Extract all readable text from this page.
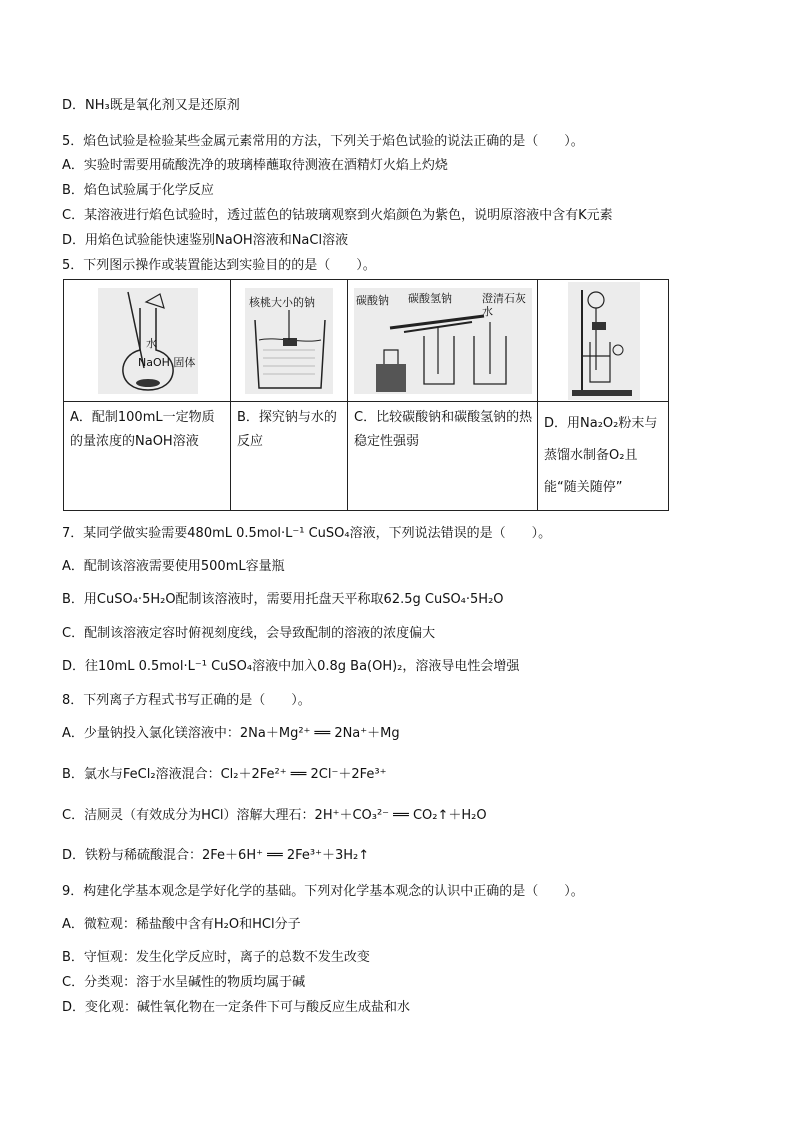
D．NH₃既是氧化剂又是还原剂
5．焰色试验是检验某些金属元素常用的方法，下列关于焰色试验的说法正确的是（　　）。
A．实验时需要用硫酸洗净的玻璃棒蘸取待测液在酒精灯火焰上灼烧
B．焰色试验属于化学反应
C．某溶液进行焰色试验时，透过蓝色的钴玻璃观察到火焰颜色为紫色，说明原溶液中含有K元素
D．用焰色试验能快速鉴别NaOH溶液和NaCl溶液
5．下列图示操作或装置能达到实验目的的是（　　）。
水
NaOH 固体
A．配制100mL一定物质的量浓度的NaOH溶液
核桃大小的钠
B．探究钠与水的反应
碳酸钠 碳酸氢钠	澄清石灰水
C．比较碳酸钠和碳酸氢钠的热稳定性强弱
D．用Na₂O₂粉末与蒸馏水制备O₂且能“随关随停”
7．某同学做实验需要480mL 0.5mol·L⁻¹ CuSO₄溶液，下列说法错误的是（　　）。
A．配制该溶液需要使用500mL容量瓶
B．用CuSO₄·5H₂O配制该溶液时，需要用托盘天平称取62.5g CuSO₄·5H₂O
C．配制该溶液定容时俯视刻度线，会导致配制的溶液的浓度偏大
D．往10mL 0.5mol·L⁻¹ CuSO₄溶液中加入0.8g Ba(OH)₂，溶液导电性会增强
8．下列离子方程式书写正确的是（　　）。
A．少量钠投入氯化镁溶液中：2Na＋Mg²⁺ ══ 2Na⁺＋Mg
B．氯水与FeCl₂溶液混合：Cl₂＋2Fe²⁺ ══ 2Cl⁻＋2Fe³⁺
C．洁厕灵（有效成分为HCl）溶解大理石：2H⁺＋CO₃²⁻ ══ CO₂↑＋H₂O
D．铁粉与稀硫酸混合：2Fe＋6H⁺ ══ 2Fe³⁺＋3H₂↑
9．构建化学基本观念是学好化学的基础。下列对化学基本观念的认识中正确的是（　　）。
A．微粒观：稀盐酸中含有H₂O和HCl分子
B．守恒观：发生化学反应时，离子的总数不发生改变
C．分类观：溶于水呈碱性的物质均属于碱
D．变化观：碱性氧化物在一定条件下可与酸反应生成盐和水
